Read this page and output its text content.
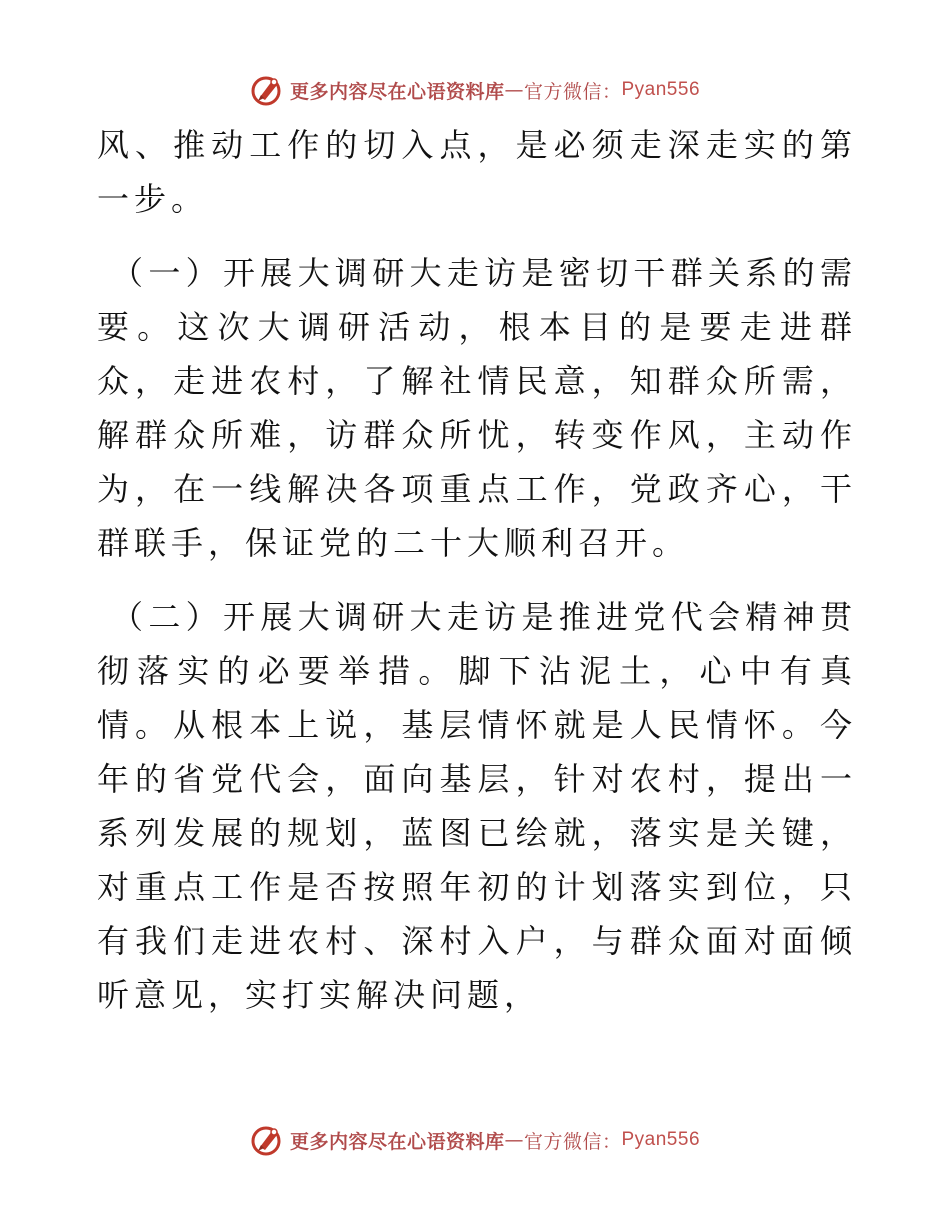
更多内容尽在心语资料库 — 官方微信： Pyan556

风、推动工作的切入点，是必须走深走实的第一步。

（一）开展大调研大走访是密切干群关系的需要。这次大调研活动，根本目的是要走进群众，走进农村，了解社情民意，知群众所需，解群众所难，访群众所忧，转变作风，主动作为，在一线解决各项重点工作，党政齐心，干群联手，保证党的二十大顺利召开。

（二）开展大调研大走访是推进党代会精神贯彻落实的必要举措。脚下沾泥土，心中有真情。从根本上说，基层情怀就是人民情怀。今年的省党代会，面向基层，针对农村，提出一系列发展的规划，蓝图已绘就，落实是关键，对重点工作是否按照年初的计划落实到位，只有我们走进农村、深村入户，与群众面对面倾听意见，实打实解决问题，

更多内容尽在心语资料库 — 官方微信： Pyan556
